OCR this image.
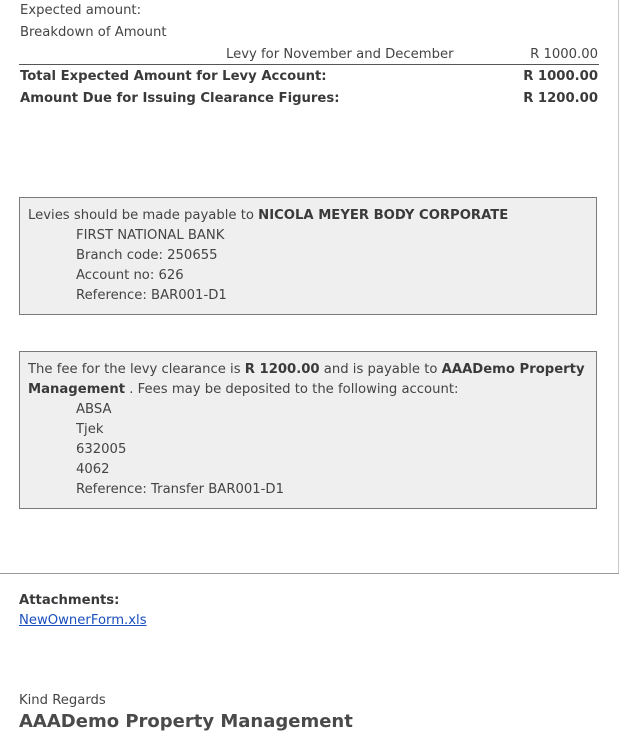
Expected amount:
Breakdown of Amount
Levy for November and December	R 1000.00
Total Expected Amount for Levy Account:	R 1000.00
Amount Due for Issuing Clearance Figures:	R 1200.00
Levies should be made payable to NICOLA MEYER BODY CORPORATE
FIRST NATIONAL BANK
Branch code: 250655
Account no: 626
Reference: BAR001-D1
The fee for the levy clearance is R 1200.00 and is payable to AAADemo Property Management . Fees may be deposited to the following account:
ABSA
Tjek
632005
4062
Reference: Transfer BAR001-D1
Attachments:
NewOwnerForm.xls
Kind Regards
AAADemo Property Management
